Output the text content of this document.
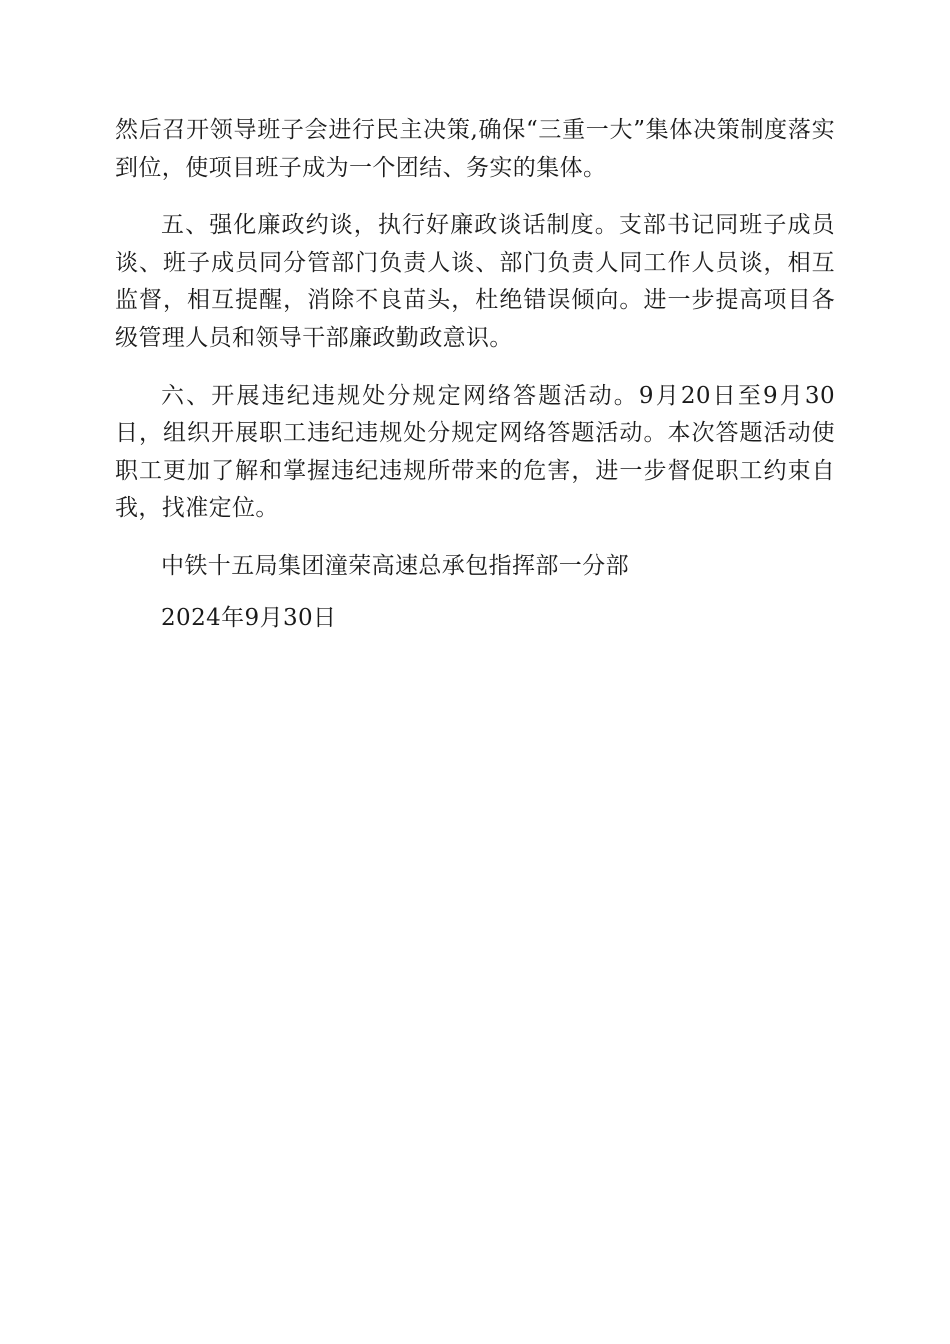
然后召开领导班子会进行民主决策,确保“三重一大”集体决策制度落实到位，使项目班子成为一个团结、务实的集体。

五、强化廉政约谈，执行好廉政谈话制度。支部书记同班子成员谈、班子成员同分管部门负责人谈、部门负责人同工作人员谈，相互监督，相互提醒，消除不良苗头，杜绝错误倾向。进一步提高项目各级管理人员和领导干部廉政勤政意识。

六、开展违纪违规处分规定网络答题活动。9月20日至9月30日，组织开展职工违纪违规处分规定网络答题活动。本次答题活动使职工更加了解和掌握违纪违规所带来的危害，进一步督促职工约束自我，找准定位。

中铁十五局集团潼荣高速总承包指挥部一分部

2024年9月30日
